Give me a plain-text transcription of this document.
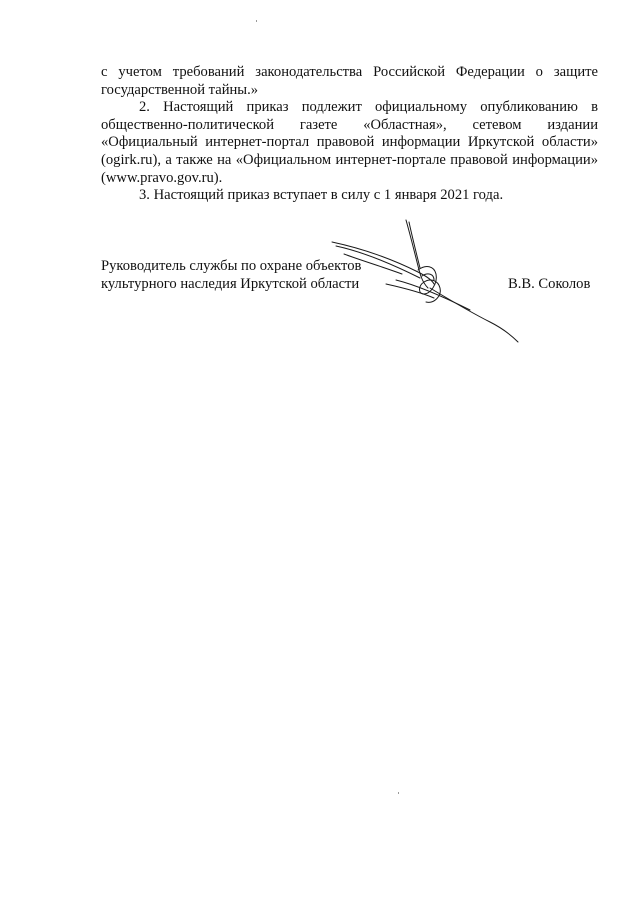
с учетом требований законодательства Российской Федерации о защите государственной тайны.»

2. Настоящий приказ подлежит официальному опубликованию в общественно-политической газете «Областная», сетевом издании «Официальный интернет-портал правовой информации Иркутской области» (ogirk.ru), а также на «Официальном интернет-портале правовой информации» (www.pravo.gov.ru).

3. Настоящий приказ вступает в силу с 1 января 2021 года.

Руководитель службы по охране объектов
культурного наследия Иркутской области	В.В. Соколов
